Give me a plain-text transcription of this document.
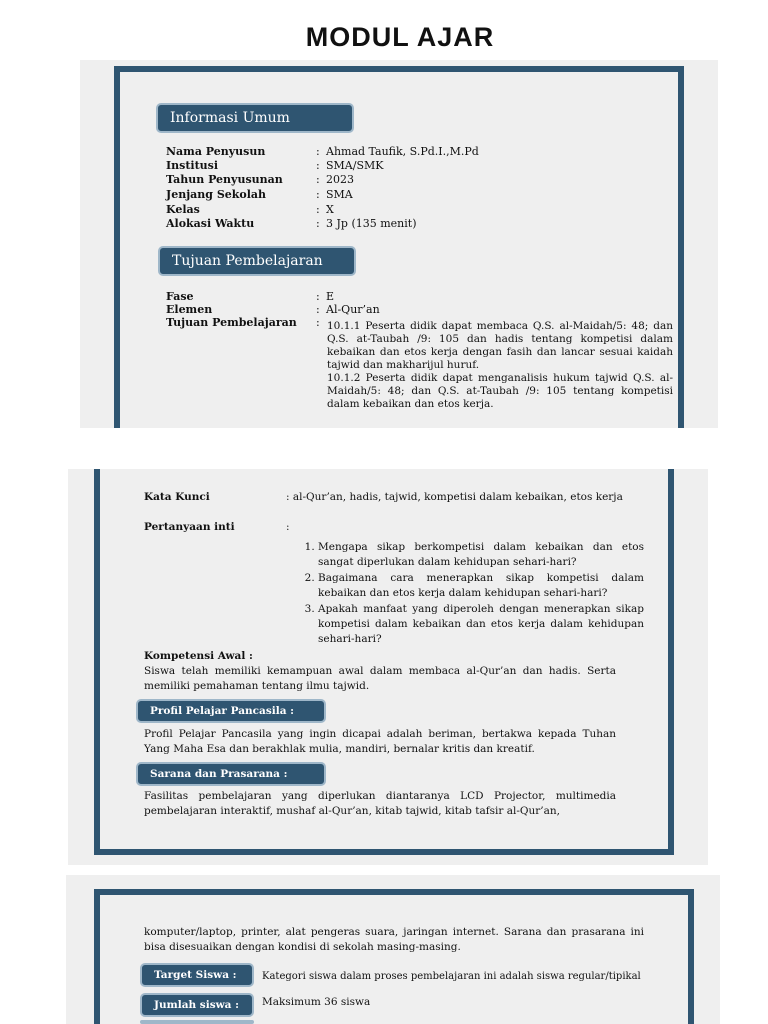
MODUL AJAR
Informasi Umum
Nama Penyusun	: Ahmad Taufik, S.Pd.I.,M.Pd
Institusi	: SMA/SMK
Tahun Penyusunan	: 2023
Jenjang Sekolah	: SMA
Kelas	: X
Alokasi Waktu	: 3 Jp (135 menit)
Tujuan Pembelajaran
Fase	: E
Elemen	: Al-Qur’an
Tujuan Pembelajaran : 10.1.1 Peserta didik dapat membaca Q.S. al-Maidah/5: 48; dan Q.S. at-Taubah /9: 105 dan hadis tentang kompetisi dalam kebaikan dan etos kerja dengan fasih dan lancar sesuai kaidah tajwid dan makharijul huruf.
10.1.2 Peserta didik dapat menganalisis hukum tajwid Q.S. al-Maidah/5: 48; dan Q.S. at-Taubah /9: 105 tentang kompetisi dalam kebaikan dan etos kerja.
Kata Kunci	: al-Qur’an, hadis, tajwid, kompetisi dalam kebaikan, etos kerja
Pertanyaan inti	:
1. Mengapa sikap berkompetisi dalam kebaikan dan etos sangat diperlukan dalam kehidupan sehari-hari?
2. Bagaimana cara menerapkan sikap kompetisi dalam kebaikan dan etos kerja dalam kehidupan sehari-hari?
3. Apakah manfaat yang diperoleh dengan menerapkan sikap kompetisi dalam kebaikan dan etos kerja dalam kehidupan sehari-hari?
Kompetensi Awal :
Siswa telah memiliki kemampuan awal dalam membaca al-Qur’an dan hadis. Serta memiliki pemahaman tentang ilmu tajwid.
Profil Pelajar Pancasila :
Profil Pelajar Pancasila yang ingin dicapai adalah beriman, bertakwa kepada Tuhan Yang Maha Esa dan berakhlak mulia, mandiri, bernalar kritis dan kreatif.
Sarana dan Prasarana :
Fasilitas pembelajaran yang diperlukan diantaranya LCD Projector, multimedia pembelajaran interaktif, mushaf al-Qur’an, kitab tajwid, kitab tafsir al-Qur’an,
komputer/laptop, printer, alat pengeras suara, jaringan internet. Sarana dan prasarana ini bisa disesuaikan dengan kondisi di sekolah masing-masing.
Target Siswa :	Kategori siswa dalam proses pembelajaran ini adalah siswa regular/tipikal
Jumlah siswa : Maksimum 36 siswa
